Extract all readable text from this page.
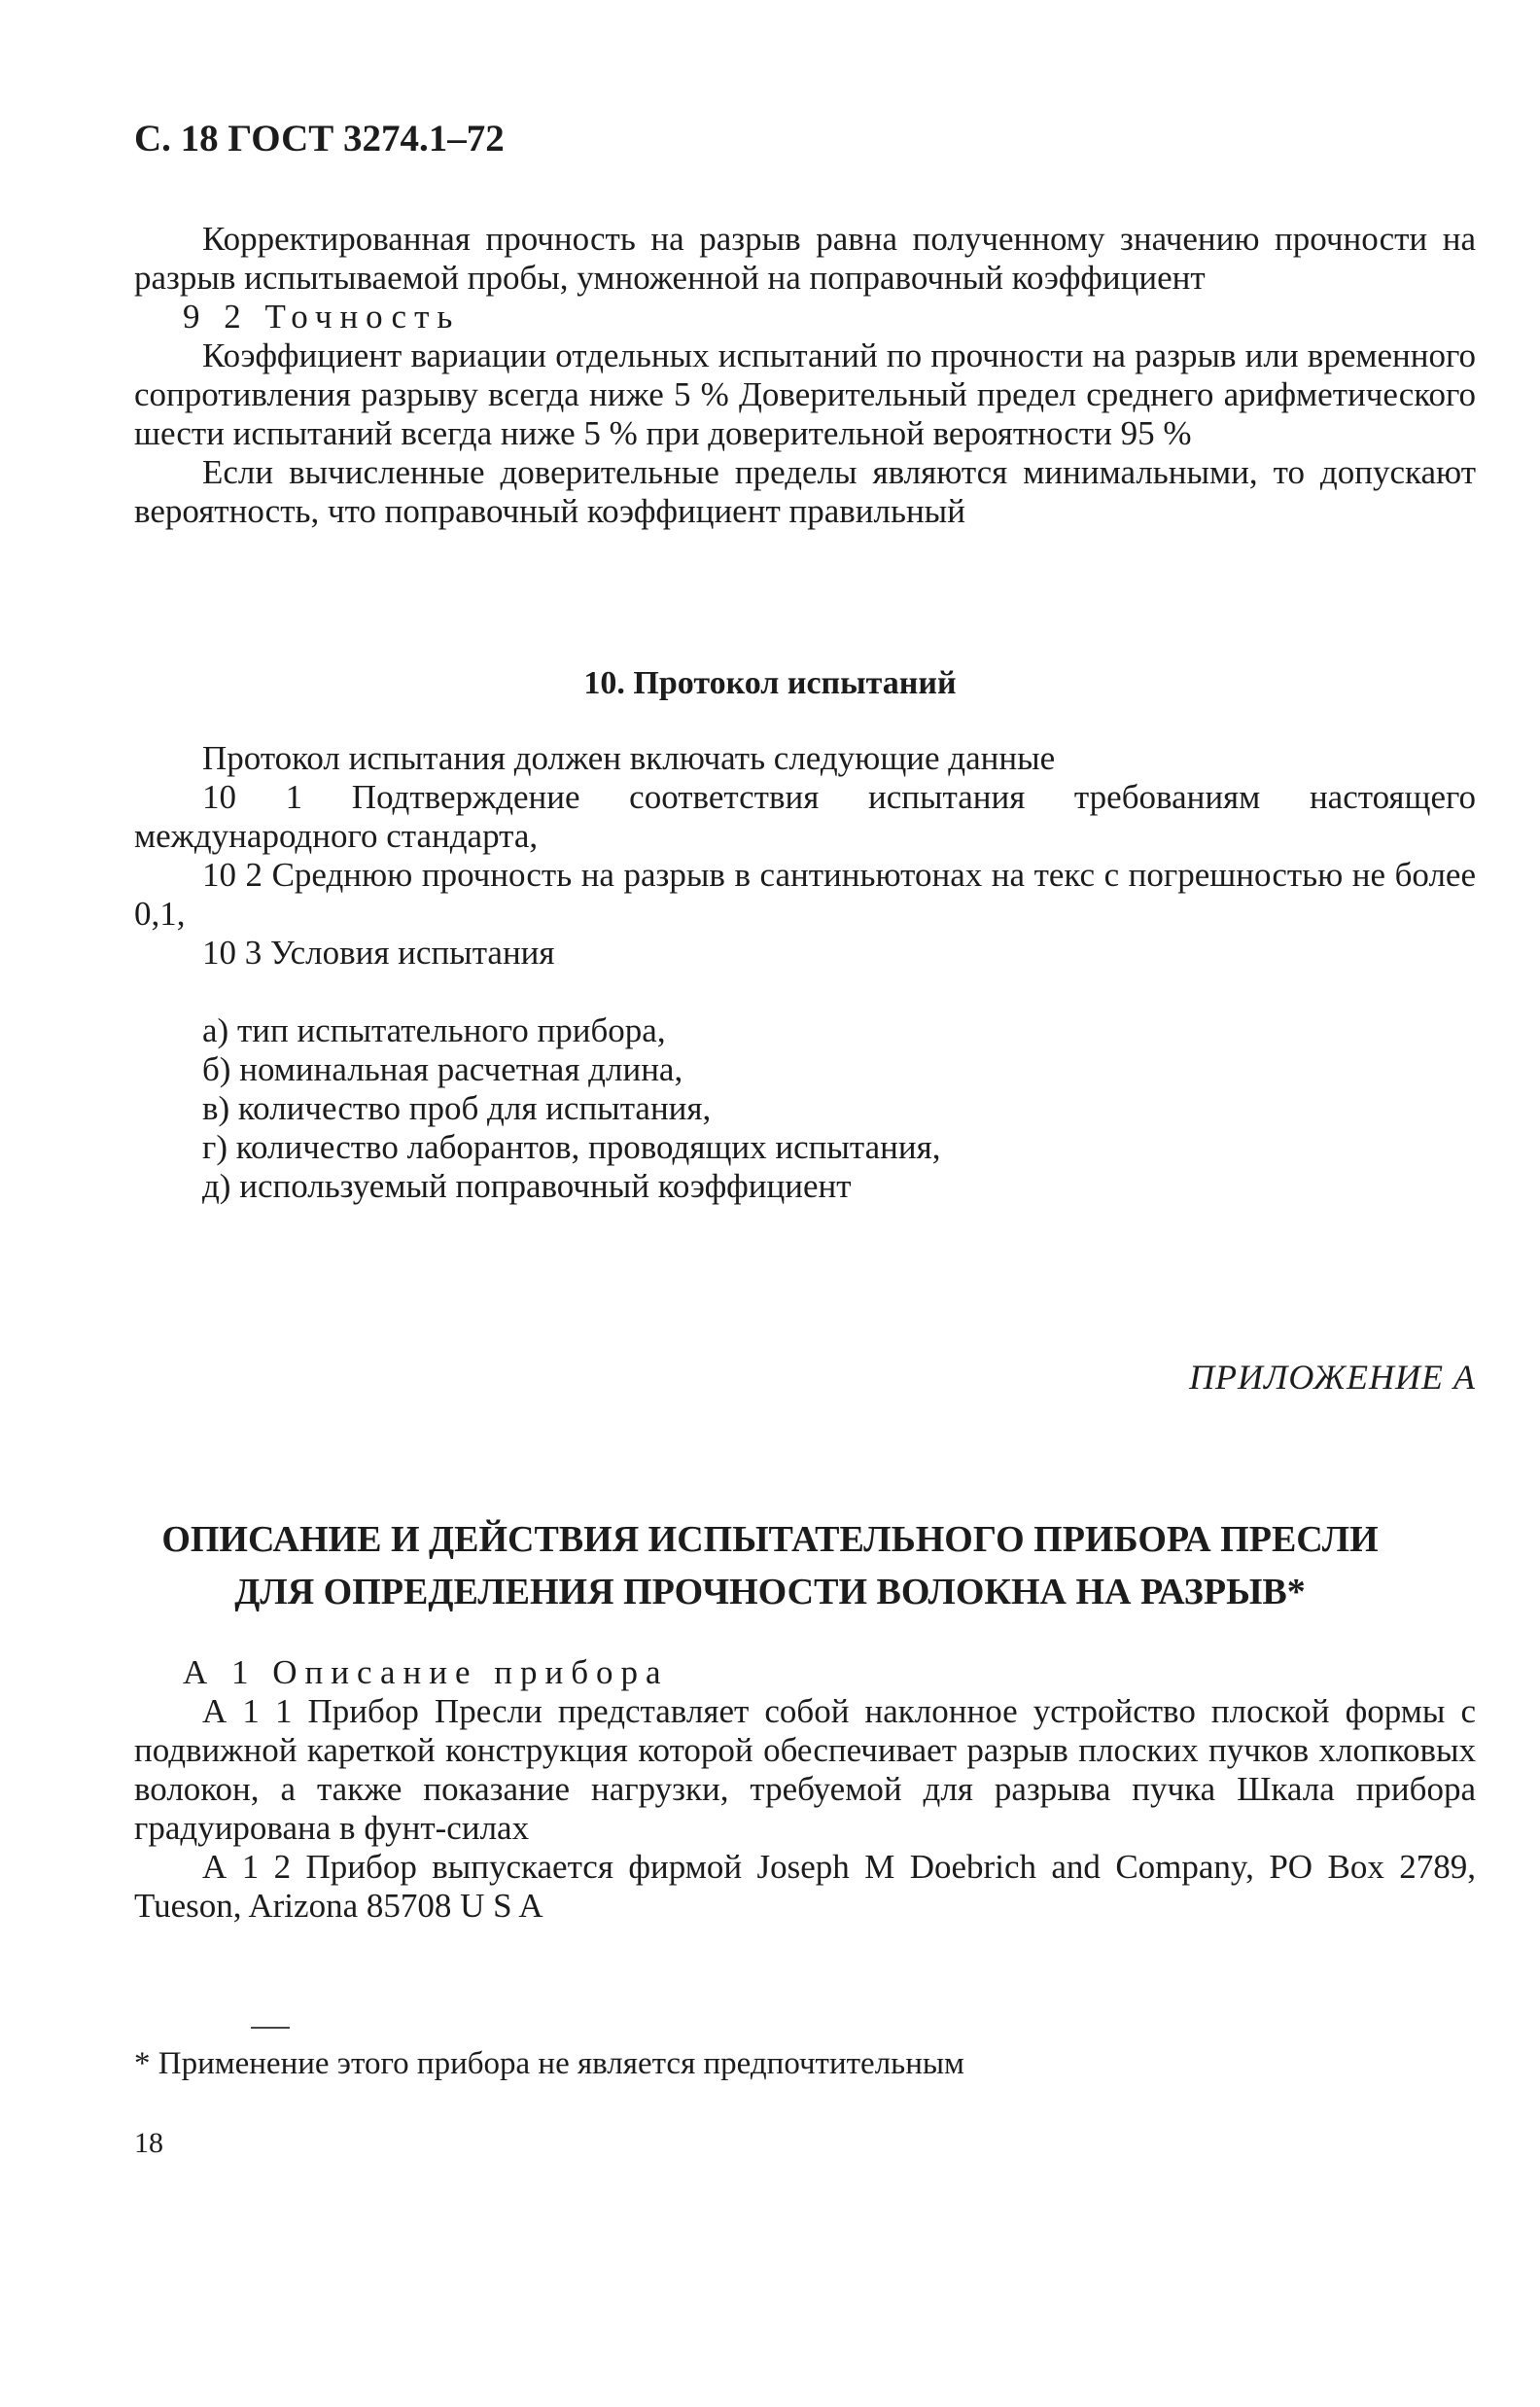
С. 18 ГОСТ 3274.1–72

Корректированная прочность на разрыв равна полученному значению прочности на разрыв испытываемой пробы, умноженной на поправочный коэффициент

9 2 Точность

Коэффициент вариации отдельных испытаний по прочности на разрыв или временного сопротивления разрыву всегда ниже 5 % Доверительный предел среднего арифметического шести испытаний всегда ниже 5 % при доверительной вероятности 95 %

Если вычисленные доверительные пределы являются минимальными, то допускают вероятность, что поправочный коэффициент правильный

10. Протокол испытаний

Протокол испытания должен включать следующие данные

10 1 Подтверждение соответствия испытания требованиям настоящего международного стандарта,

10 2 Среднюю прочность на разрыв в сантиньютонах на текс с погрешностью не более 0,1,

10 3 Условия испытания

а) тип испытательного прибора,
б) номинальная расчетная длина,
в) количество проб для испытания,
г) количество лаборантов, проводящих испытания,
д) используемый поправочный коэффициент
ПРИЛОЖЕНИЕ А
ОПИСАНИЕ И ДЕЙСТВИЯ ИСПЫТАТЕЛЬНОГО ПРИБОРА ПРЕСЛИ
ДЛЯ ОПРЕДЕЛЕНИЯ ПРОЧНОСТИ ВОЛОКНА НА РАЗРЫВ*

А 1 Описание прибора

А 1 1 Прибор Пресли представляет собой наклонное устройство плоской формы с подвижной кареткой конструкция которой обеспечивает разрыв плоских пучков хлопковых волокон, а также показание нагрузки, требуемой для разрыва пучка Шкала прибора градуирована в фунт-силах

А 1 2 Прибор выпускается фирмой Joseph M Doebrich and Company, PO Box 2789, Tueson, Arizona 85708 U S A

* Применение этого прибора не является предпочтительным
18
